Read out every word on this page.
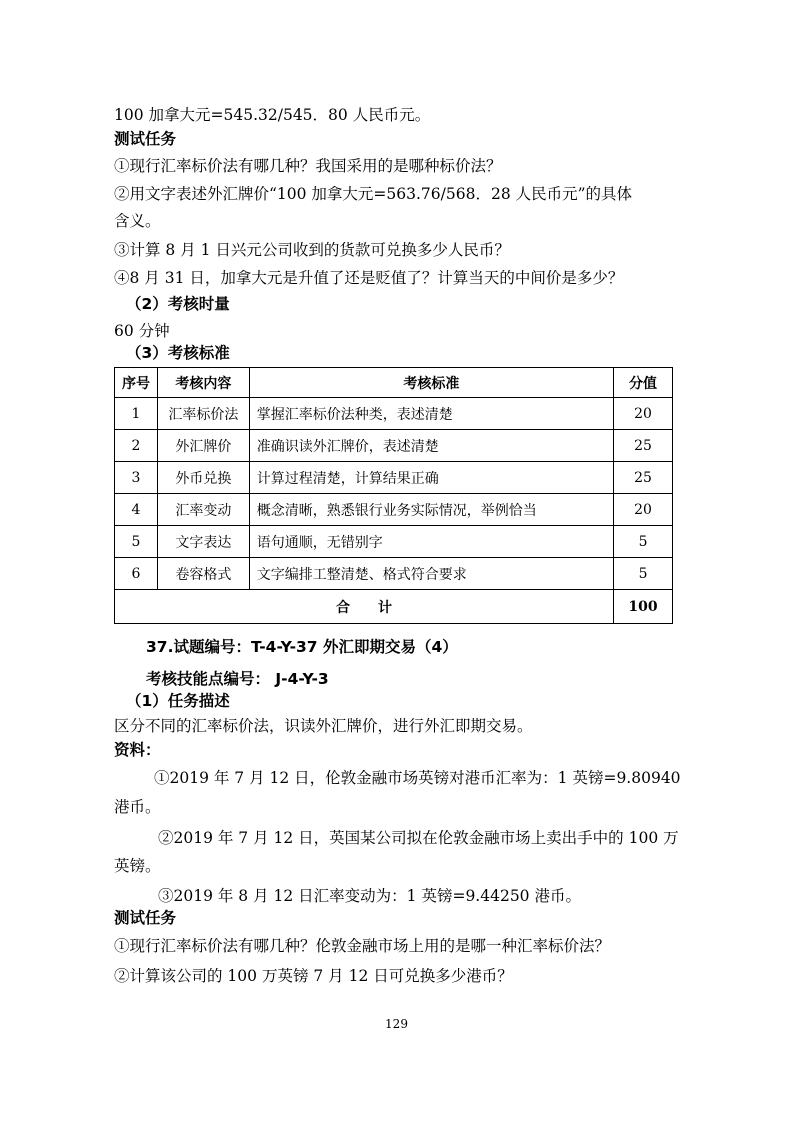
100 加拿大元=545.32/545．80 人民币元。
测试任务
①现行汇率标价法有哪几种？我国采用的是哪种标价法？
②用文字表述外汇牌价“100 加拿大元=563.76/568．28 人民币元”的具体
含义。
③计算 8 月 1 日兴元公司收到的货款可兑换多少人民币？
④8 月 31 日，加拿大元是升值了还是贬值了？计算当天的中间价是多少？
（2）考核时量
60 分钟
（3）考核标准
序号	考核内容	考核标准	分值
1	汇率标价法	掌握汇率标价法种类，表述清楚	20
2	外汇牌价	准确识读外汇牌价，表述清楚	25
3	外币兑换	计算过程清楚，计算结果正确	25
4	汇率变动	概念清晰，熟悉银行业务实际情况，举例恰当	20
5	文字表达	语句通顺，无错别字	5
6	卷容格式	文字编排工整清楚、格式符合要求	5
合　　计			100
37.试题编号：T-4-Y-37 外汇即期交易（4）
考核技能点编号： J-4-Y-3
（1）任务描述
区分不同的汇率标价法，识读外汇牌价，进行外汇即期交易。
资料：
①2019 年 7 月 12 日，伦敦金融市场英镑对港币汇率为：1 英镑=9.80940
港币。
②2019 年 7 月 12 日，英国某公司拟在伦敦金融市场上卖出手中的 100 万
英镑。
③2019 年 8 月 12 日汇率变动为：1 英镑=9.44250 港币。
测试任务
①现行汇率标价法有哪几种？伦敦金融市场上用的是哪一种汇率标价法？
②计算该公司的 100 万英镑 7 月 12 日可兑换多少港币？
129
